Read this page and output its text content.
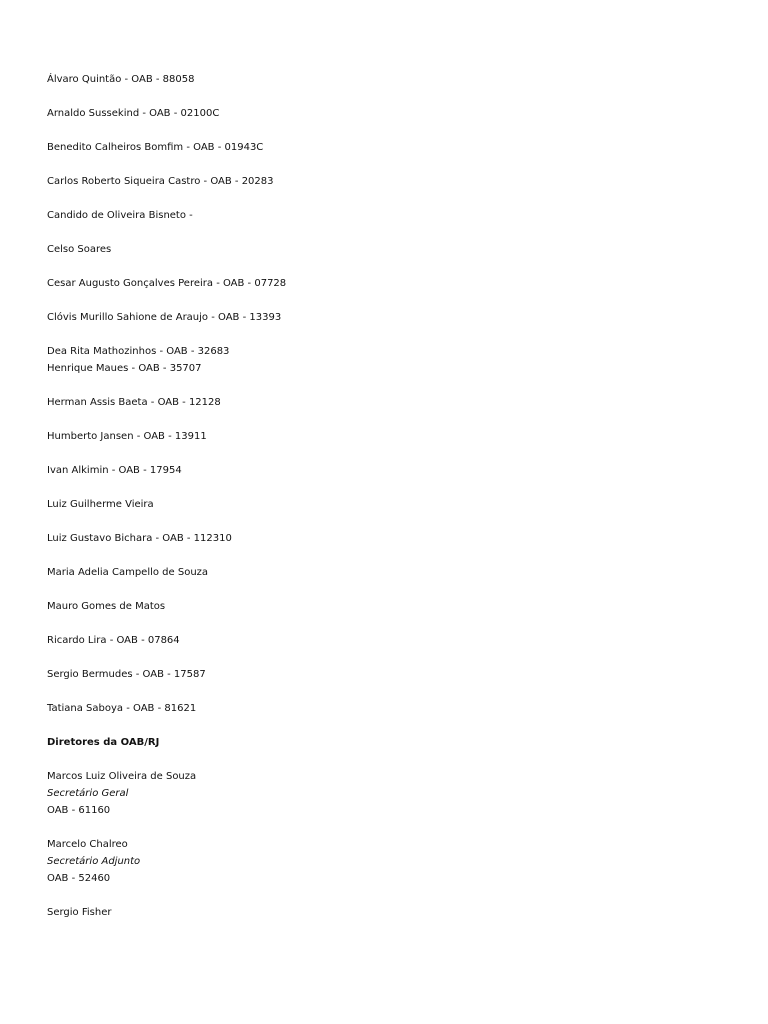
Álvaro Quintão - OAB - 88058
Arnaldo Sussekind - OAB - 02100C
Benedito Calheiros Bomfim - OAB - 01943C
Carlos Roberto Siqueira Castro - OAB - 20283
Candido de Oliveira Bisneto -
Celso Soares
Cesar Augusto Gonçalves Pereira - OAB - 07728
Clóvis Murillo Sahione de Araujo - OAB - 13393
Dea Rita Mathozinhos - OAB - 32683
Henrique Maues - OAB - 35707
Herman Assis Baeta - OAB - 12128
Humberto Jansen - OAB - 13911
Ivan Alkimin - OAB - 17954
Luiz Guilherme Vieira
Luiz Gustavo Bichara - OAB - 112310
Maria Adelia Campello de Souza
Mauro Gomes de Matos
Ricardo Lira - OAB - 07864
Sergio Bermudes - OAB - 17587
Tatiana Saboya - OAB - 81621
Diretores da OAB/RJ
Marcos Luiz Oliveira de Souza
Secretário Geral
OAB - 61160
Marcelo Chalreo
Secretário Adjunto
OAB - 52460
Sergio Fisher
